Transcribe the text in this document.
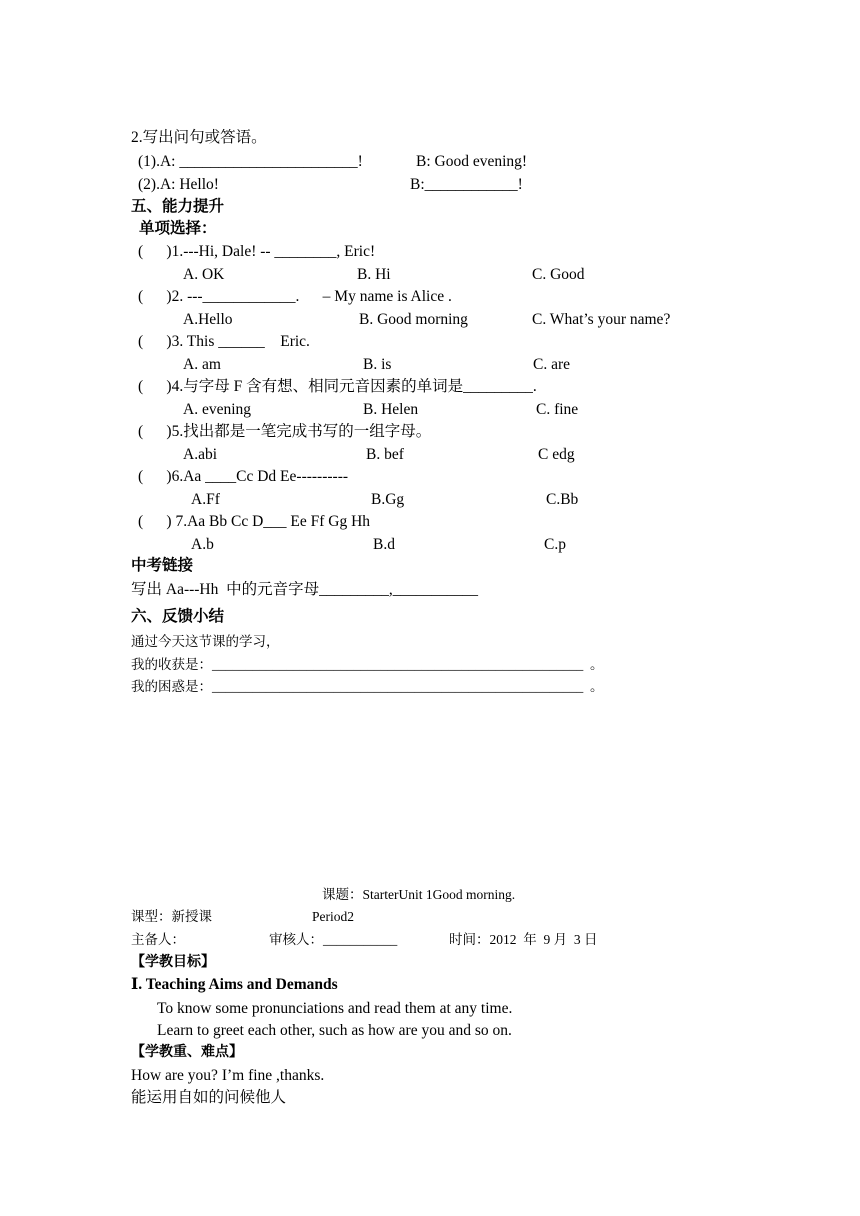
2.写出问句或答语。
(1).A: _______________________!	B: Good evening!
(2).A: Hello!	B:____________!
五、能力提升
单项选择：
(      )1.---Hi, Dale! -- ________, Eric!
A. OK	B. Hi	C. Good
(      )2. ---____________.      – My name is Alice .
A.Hello	B. Good morning	C. What’s your name?
(      )3. This ______    Eric.
A. am	B. is	C. are
(      )4.与字母 F 含有想、相同元音因素的单词是_________.
A. evening	B. Helen	C. fine
(      )5.找出都是一笔完成书写的一组字母。
A.abi	B. bef	C edg
(      )6.Aa ____Cc Dd Ee----------
A.Ff	B.Gg	C.Bb
(      ) 7.Aa Bb Cc D___ Ee Ff Gg Hh
A.b	B.d	C.p
中考链接
写出 Aa---Hh  中的元音字母_________,___________
六、反馈小结
通过今天这节课的学习，
我的收获是：_______________________________________________________  。
我的困惑是：_______________________________________________________  。
课题：StarterUnit 1Good morning.
课型：新授课	Period2
主备人：	审核人：___________	时间：2012  年  9 月  3 日
【学教目标】
Ⅰ. Teaching Aims and Demands
To know some pronunciations and read them at any time.
Learn to greet each other, such as how are you and so on.
【学教重、难点】
How are you? I’m fine ,thanks.
能运用自如的问候他人
